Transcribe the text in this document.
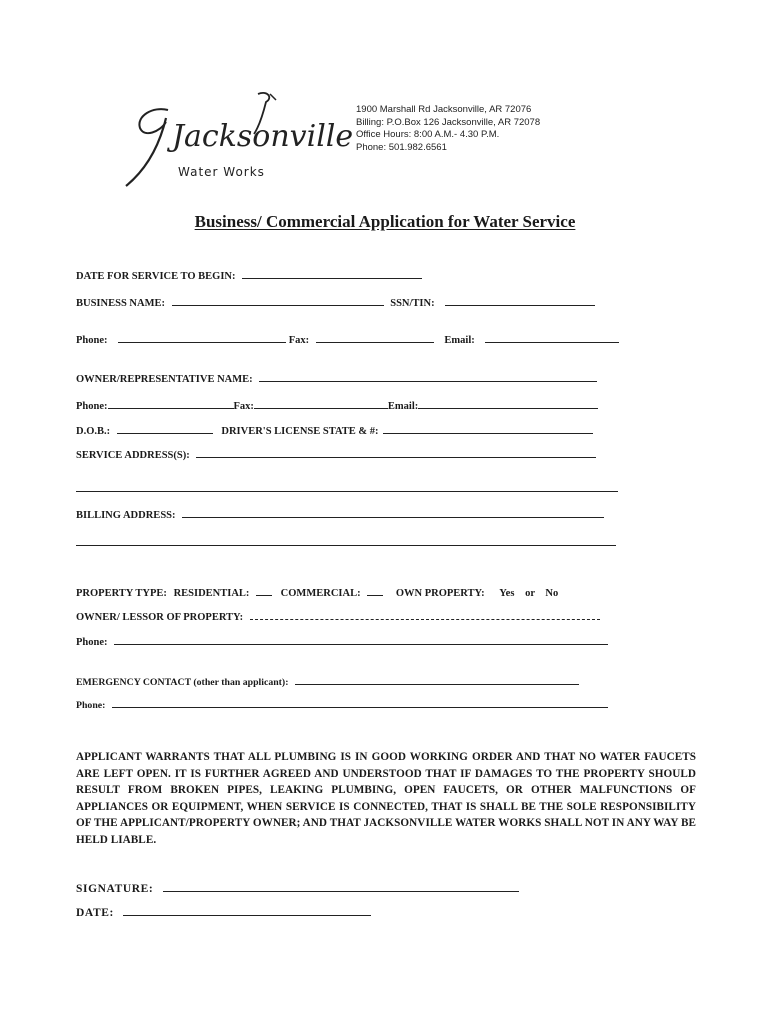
Jacksonville
Water Works
1900 Marshall Rd Jacksonville, AR 72076
Billing: P.O.Box 126 Jacksonville, AR 72078
Office Hours: 8:00 A.M.- 4.30 P.M.
Phone: 501.982.6561
Business/ Commercial Application for Water Service
DATE FOR SERVICE TO BEGIN:
BUSINESS NAME:	SSN/TIN:
Phone:	Fax:	Email:
OWNER/REPRESENTATIVE NAME:
Phone:	Fax:	Email:
D.O.B.:	DRIVER'S LICENSE STATE & #:
SERVICE ADDRESS(S):
BILLING ADDRESS:
PROPERTY TYPE: RESIDENTIAL:	COMMERCIAL:	OWN PROPERTY: Yes or No
OWNER/ LESSOR OF PROPERTY:
Phone:
EMERGENCY CONTACT (other than applicant):
Phone:
APPLICANT WARRANTS THAT ALL PLUMBING IS IN GOOD WORKING ORDER AND THAT NO WATER FAUCETS ARE LEFT OPEN. IT IS FURTHER AGREED AND UNDERSTOOD THAT IF DAMAGES TO THE PROPERTY SHOULD RESULT FROM BROKEN PIPES, LEAKING PLUMBING, OPEN FAUCETS, OR OTHER MALFUNCTIONS OF APPLIANCES OR EQUIPMENT, WHEN SERVICE IS CONNECTED, THAT IS SHALL BE THE SOLE RESPONSIBILITY OF THE APPLICANT/PROPERTY OWNER; AND THAT JACKSONVILLE WATER WORKS SHALL NOT IN ANY WAY BE HELD LIABLE.
SIGNATURE:
DATE:
